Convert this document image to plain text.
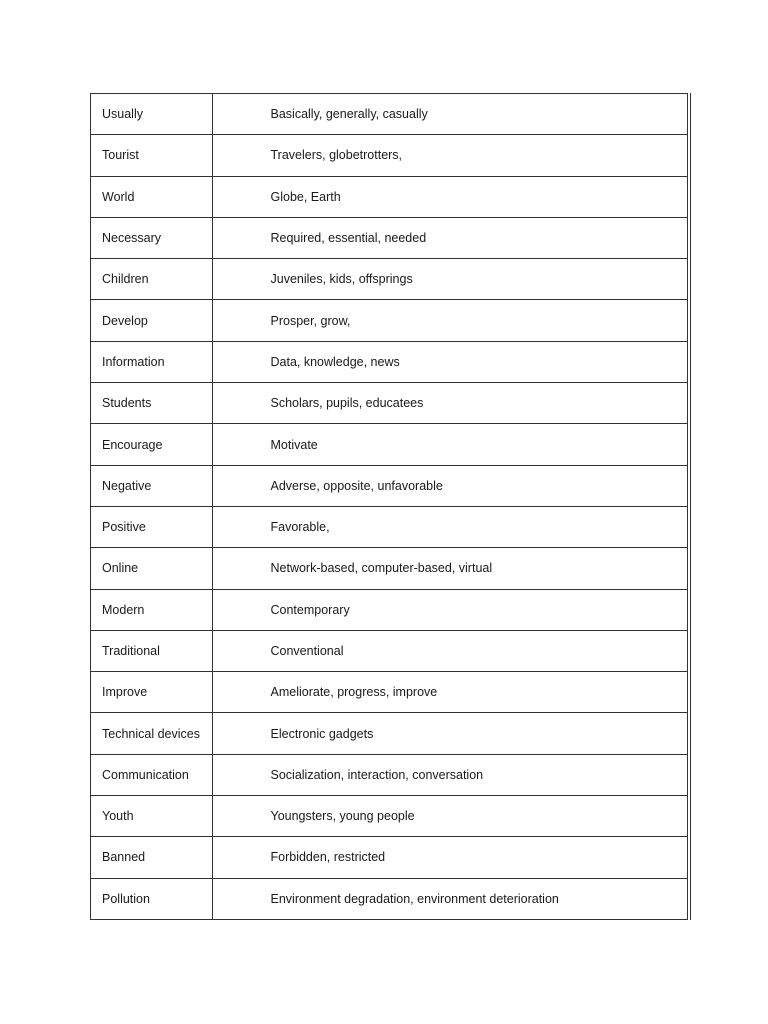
Usually	Basically, generally, casually
Tourist	Travelers, globetrotters,
World	Globe, Earth
Necessary	Required, essential, needed
Children	Juveniles, kids, offsprings
Develop	Prosper, grow,
Information	Data, knowledge, news
Students	Scholars, pupils, educatees
Encourage	Motivate
Negative	Adverse, opposite, unfavorable
Positive	Favorable,
Online	Network-based, computer-based, virtual
Modern	Contemporary
Traditional	Conventional
Improve	Ameliorate, progress, improve
Technical devices	Electronic gadgets
Communication	Socialization, interaction, conversation
Youth	Youngsters, young people
Banned	Forbidden, restricted
Pollution	Environment degradation, environment deterioration
